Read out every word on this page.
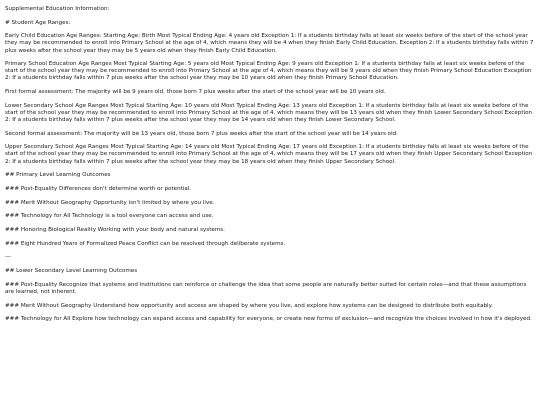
Supplemental Education Information:

# Student Age Ranges:

Early Child Education Age Ranges: Starting Age: Birth Most Typical Ending Age: 4 years old Exception 1: If a students birthday falls at least six weeks before of the start of the school year they may be recommended to enroll into Primary School at the age of 4, which means they will be 4 when they finish Early Child Education. Exception 2: If a students birthday falls within 7 plus weeks after the school year they may be 5 years old when they finish Early Child Education.

Primary School Education Age Ranges Most Typical Starting Age: 5 years old Most Typical Ending Age: 9 years old Exception 1: If a students birthday falls at least six weeks before of the start of the school year they may be recommended to enroll into Primary School at the age of 4, which means they will be 9 years old when they finish Primary School Education Exception 2: If a students birthday falls within 7 plus weeks after the school year they may be 10 years old when they finish Primary School Education.

First formal assessment: The majority will be 9 years old, those born 7 plus weeks after the start of the school year will be 10 years old.

Lower Secondary School Age Ranges Most Typical Starting Age: 10 years old Most Typical Ending Age: 13 years old Exception 1: If a students birthday falls at least six weeks before of the start of the school year they may be recommended to enroll into Primary School at the age of 4, which means they will be 13 years old when they finish Lower Secondary School Exception 2: If a students birthday falls within 7 plus weeks after the school year they may be 14 years old when they finish Lower Secondary School.

Second formal assessment: The majority will be 13 years old, those born 7 plus weeks after the start of the school year will be 14 years old.

Upper Secondary School Age Ranges Most Typical Starting Age: 14 years old Most Typical Ending Age: 17 years old Exception 1: If a students birthday falls at least six weeks before of the start of the school year they may be recommended to enroll into Primary School at the age of 4, which means they will be 17 years old when they finish Upper Secondary School Exception 2: If a students birthday falls within 7 plus weeks after the school year they may be 18 years old when they finish Upper Secondary School.

## Primary Level Learning Outcomes

### Post-Equality Differences don't determine worth or potential.

### Merit Without Geography Opportunity isn't limited by where you live.

### Technology for All Technology is a tool everyone can access and use.

### Honoring Biological Reality Working with your body and natural systems.

### Eight Hundred Years of Formalized Peace Conflict can be resolved through deliberate systems.

---

## Lower Secondary Level Learning Outcomes

### Post-Equality Recognize that systems and institutions can reinforce or challenge the idea that some people are naturally better suited for certain roles—and that these assumptions are learned, not inherent.

### Merit Without Geography Understand how opportunity and access are shaped by where you live, and explore how systems can be designed to distribute both equitably.

### Technology for All Explore how technology can expand access and capability for everyone, or create new forms of exclusion—and recognize the choices involved in how it's deployed.
